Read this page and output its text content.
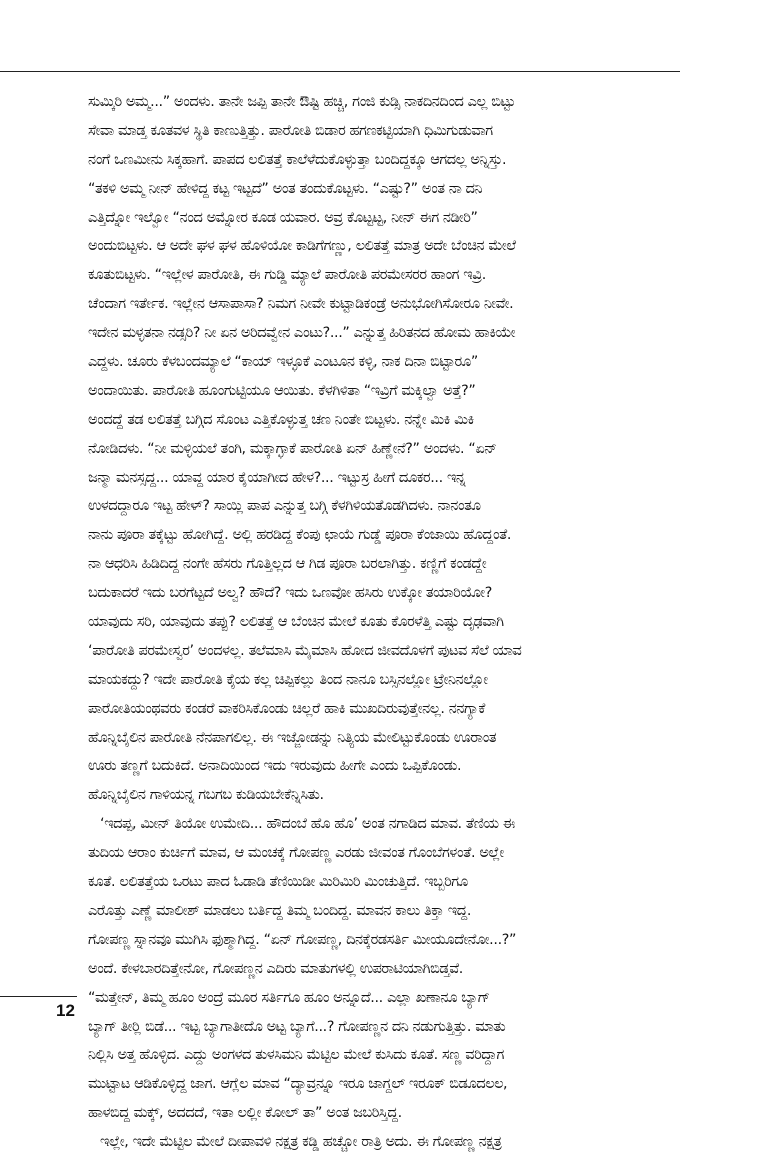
ಸುಮ್ಕಿರಿ ಅಮ್ಮ...” ಅಂದಳು. ತಾನೇ ಜಪ್ಪಿ ತಾನೇ ಔಷ್ಟಿ ಹಚ್ಚಿ, ಗಂಜಿ ಕುಡ್ಸಿ ನಾಕದಿನದಿಂದ ಎಲ್ಲ ಬಿಟ್ಟು
ಸೇವಾ ಮಾಡ್ತ ಕೂತವಳ ಸ್ಥಿತಿ ಕಾಣುತ್ತಿತ್ತು. ಪಾರೋತಿ ಬಿಡಾರ ಹಗಣಕಟ್ಟಿಯಾಗಿ ಧಿಮಿಗುಡುವಾಗ
ನಂಗೆ ಒಣಮೀನು ಸಿಕ್ಕಹಾಗೆ. ಪಾಪದ ಲಲಿತತ್ತೆ ಕಾಲೆಳೆದುಕೊಳ್ಳುತ್ತಾ ಬಂದಿದ್ದಕ್ಕೂ ಆಗದಲ್ಲ ಅನ್ನಿಸ್ತು.
“ತಕಳಿ ಅಮ್ಮ ನೀನ್ ಹೇಳಿದ್ದ ಕಟ್ಟ ಇಟ್ಟದೆ” ಅಂತ ತಂದುಕೊಟ್ಟಳು. “ಎಷ್ಟು?” ಅಂತ ನಾ ದನಿ
ಎತ್ತಿದ್ನೋ ಇಲ್ವೋ “ನಂದ ಅಮ್ನೋರ ಕೂಡ ಯವಾರ. ಅವ್ರ ಕೊಟ್ಟಟ್ಟ, ನೀನ್ ಈಗ ನಡೀರಿ”
ಅಂದುಬಿಟ್ಟಳು. ಆ ಅದೇ ಘಳ ಘಳ ಹೊಳಿಯೋ ಕಾಡಿಗೆಗಣ್ಣು, ಲಲಿತತ್ತೆ ಮಾತ್ರ ಅದೇ ಬೆಂಚಿನ ಮೇಲೆ
ಕೂತುಬಿಟ್ಟಳು. “ಇಲ್ಲೇಳ ಪಾರೋತಿ, ಈ ಗುಡ್ಡಿ ಮ್ಯಾಲೆ ಪಾರೋತಿ ಪರಮೇಸರರ ಹಾಂಗ ಇವ್ರಿ.
ಚೆಂದಾಗ ಇರ್ತೇಕ. ಇಲ್ಲೇನ ಆಸಾಪಾಸಾ? ನಿಮಗ ನೀವೇ ಕುಟ್ಟಾಡಿಕಂಡ್ರೆ ಅನುಭೋಗಿಸೋರೂ ನೀವೇ.
ಇದೇನ ಮಳ್ಳತನಾ ನಡ್ಸರಿ? ನೀ ಏನ ಅರಿದವ್ವೇನ ಎಂಟು?...” ಎನ್ನುತ್ತ ಹಿರಿತನದ ಹೋಮ ಹಾಕಿಯೇ
ಎದ್ದಳು. ಚೂರು ಕೆಳಬಂದಮ್ಯಾಲೆ “ಕಾಯ್ ಇಳ್ಳೂಕೆ ಎಂಟೂನ ಕಳ್ಳಿ, ನಾಕ ದಿನಾ ಬಿಟ್ಟಾರೂ”
ಅಂದಾಯಿತು. ಪಾರೋತಿ ಹೂಂಗುಟ್ಟಿಯೂ ಆಯಿತು. ಕೆಳಗಿಳಿತಾ “ಇವ್ರಿಗೆ ಮಕ್ಕಿಲ್ವಾ ಅತ್ತೆ?”
ಅಂದದ್ದೆ ತಡ ಲಲಿತತ್ತೆ ಬಗ್ಗಿದ ಸೊಂಟ ಎತ್ತಿಕೊಳ್ಳುತ್ತ ಚಣ ನಿಂತೇ ಬಿಟ್ಟಳು. ನನ್ನೇ ಮಿಕಿ ಮಿಕಿ
ನೋಡಿದಳು. “ನೀ ಮಳ್ಳಿಯಲೆ ತಂಗಿ, ಮಕ್ಕಾಗ್ಳಾಕೆ ಪಾರೋತಿ ಏನ್ ಹಿಣ್ಣೇನೆ?” ಅಂದಳು. “ಏನ್
ಜನ್ಮಾ ಮನಸ್ಸದ್ದ... ಯಾವ್ದ ಯಾರ ಕೈಯಾಗೀದ ಹೇಳ?... ಇಟ್ಟುಸ್ರ ಹೀಗೆ ದೂಕರ... ಇನ್ನ
ಉಳದದ್ದಾರೂ ಇಟ್ಟ ಹೇಳ್? ಸಾಯ್ಲಿ ಪಾಪ ಎನ್ನುತ್ತ ಬಗ್ಗಿ ಕೆಳಗಿಳಿಯತೊಡಗಿದಳು. ನಾನಂತೂ
ನಾನು ಪೂರಾ ತಕ್ಕೆಟ್ಟು ಹೋಗಿದ್ದೆ. ಅಲ್ಲಿ ಹರಡಿದ್ದ ಕೆಂಪು ಛಾಯೆ ಗುಡ್ಡೆ ಪೂರಾ ಕೆಂಜಾಯಿ ಹೊದ್ದಂತೆ.
ನಾ ಆಧರಿಸಿ ಹಿಡಿದಿದ್ದ ನಂಗೇ ಹೆಸರು ಗೊತ್ತಿಲ್ಲದ ಆ ಗಿಡ ಪೂರಾ ಬರಲಾಗಿತ್ತು. ಕಣ್ಣಿಗೆ ಕಂಡದ್ದೇ
ಬದುಕಾದರೆ ಇದು ಬರಗೆಟ್ಟದೆ ಅಲ್ವ? ಹೌದೆ? ಇದು ಒಣವೋ ಹಸಿರು ಉಕ್ಕೋ ತಯಾರಿಯೋ?
ಯಾವುದು ಸರಿ, ಯಾವುದು ತಪ್ಪು? ಲಲಿತತ್ತೆ ಆ ಬೆಂಚಿನ ಮೇಲೆ ಕೂತು ಕೊರಳೆತ್ತಿ ಎಷ್ಟು ದೃಢವಾಗಿ
‘ಪಾರೋತಿ ಪರಮೇಸ್ವರ’ ಅಂದಳಲ್ಲ. ತಲೆಮಾಸಿ ಮೈಮಾಸಿ ಹೋದ ಜೀವದೊಳಗೆ ಪುಟವ ಸೆಲೆ ಯಾವ
ಮಾಯಕದ್ದು? ಇದೇ ಪಾರೋತಿ ಕೈಯ ಕಲ್ಲ ಚಿಪ್ಪಿಕಲ್ಲು ತಿಂದ ನಾನೂ ಬಸ್ಸಿನಲ್ಲೋ ಟ್ರೇನಿನಲ್ಲೋ
ಪಾರೋತಿಯಂಥವರು ಕಂಡರೆ ವಾಕರಿಸಿಕೊಂಡು ಚಿಲ್ಲರೆ ಹಾಕಿ ಮುಖದಿರುವುತ್ತೇನಲ್ಲ. ನನಗ್ಯಾಕೆ
ಹೊನ್ನಿಬೈಲಿನ ಪಾರೋತಿ ನೆನಪಾಗಲಿಲ್ಲ. ಈ ಇಜ್ಜೋಡನ್ನು ನಿತ್ಯಿಯ ಮೇಲಿಟ್ಟುಕೊಂಡು ಊರಾಂತ
ಊರು ತಣ್ಣಗೆ ಬದುಕಿದೆ. ಅನಾದಿಯಿಂದ ಇದು ಇರುವುದು ಹೀಗೇ ಎಂದು ಒಪ್ಪಿಕೊಂಡು.
ಹೊನ್ನಿಬೈಲಿನ ಗಾಳಿಯನ್ನ ಗಬಗಬ ಕುಡಿಯಬೇಕೆನ್ನಿಸಿತು.
‘ಇದಪ್ಪ, ಮೀನ್ ತಿಯೋ ಉಮೇದಿ... ಹೌದಂಬೆ ಹೊ ಹೊ’ ಅಂತ ನಗಾಡಿದ ಮಾವ. ತೆಣಿಯ ಈ
ತುದಿಯ ಆರಾಂ ಕುರ್ಚಿಗೆ ಮಾವ, ಆ ಮಂಚಕ್ಕೆ ಗೋಪಣ್ಣ ಎರಡು ಜೀವಂತ ಗೊಂಬೆಗಳಂತೆ. ಅಲ್ಲೇ
ಕೂತೆ. ಲಲಿತತ್ತೆಯ ಒರಟು ಪಾದ ಓಡಾಡಿ ತೆಣಿಯಿಡೀ ಮಿರಿಮಿರಿ ಮಿಂಚುತ್ತಿದೆ. ಇಬ್ಬರಿಗೂ
ಎರೊತ್ತು ಎಣ್ಣೆ ಮಾಲೀಶ್ ಮಾಡಲು ಬರ್ತಿದ್ದ ತಿಮ್ಮ ಬಂದಿದ್ದ. ಮಾವನ ಕಾಲು ತಿಕ್ತಾ ಇದ್ದ.
ಗೋಪಣ್ಣ ಸ್ನಾನವೂ ಮುಗಿಸಿ ಫುಶ್ಮಾಗಿದ್ದ. “ಏನ್ ಗೋಪಣ್ಣ, ದಿನಕ್ಕೆರಡಸರ್ತಿ ಮೀಯೂದೇನೋ...?”
ಅಂದೆ. ಕೇಳಬಾರದಿತ್ತೇನೋ, ಗೋಪಣ್ಣನ ಎದಿರು ಮಾತುಗಳಲ್ಲಿ ಉಪರಾಟಿಯಾಗಿಬಿಡ್ತವೆ.
“ಮತ್ತೇನ್, ತಿಮ್ಮ ಹೂಂ ಅಂದ್ರೆ ಮೂರ ಸರ್ತಿಗೂ ಹೂಂ ಅನ್ನೂದೆ... ಎಲ್ಲಾ ಖಣಾನೂ ಬ್ಯಾಗ್
ಬ್ಯಾಗ್ ತೀರ್‍ಲಿ ಬಿಡೆ... ಇಟ್ಟ ಬ್ಯಾಗಾತೀದೊ ಅಟ್ಟ ಬ್ಯಾಗೆ...? ಗೋಪಣ್ಣನ ದನಿ ನಡುಗುತ್ತಿತ್ತು. ಮಾತು
ನಿಲ್ಲಿಸಿ ಅತ್ತ ಹೊಳ್ಳಿದ. ಎದ್ದು ಅಂಗಳದ ತುಳಸಿಮನಿ ಮೆಟ್ಟಿಲ ಮೇಲೆ ಕುಸಿದು ಕೂತೆ. ಸಣ್ಣ ವರಿದ್ದಾಗ
ಮುಟ್ಟಾಟ ಆಡಿಕೊಳ್ಳಿದ್ದ ಜಾಗ. ಆಗ್ಲೆಲ ಮಾವ “ದ್ಯಾವ್ರನ್ನೂ ಇರೂ ಜಾಗ್ದಲ್ ಇರೂಕ್ ಬಿಡೂದಲಲ,
ಹಾಳಬಿದ್ದ ಮಕ್ಕ್, ಅದದದೆ, ಇತಾ ಲಲ್ಲೀ ಕೋಲ್ ತಾ” ಅಂತ ಜಬರಿಸ್ತಿದ್ದ.
ಇಲ್ಲೇ, ಇದೇ ಮೆಟ್ಟಿಲ ಮೇಲೆ ದೀಪಾವಳಿ ನಕ್ಷತ್ರ ಕಡ್ಡಿ ಹಚ್ಚೋ ರಾತ್ರಿ ಅದು. ಈ ಗೋಪಣ್ಣ ನಕ್ಷತ್ರ
12
